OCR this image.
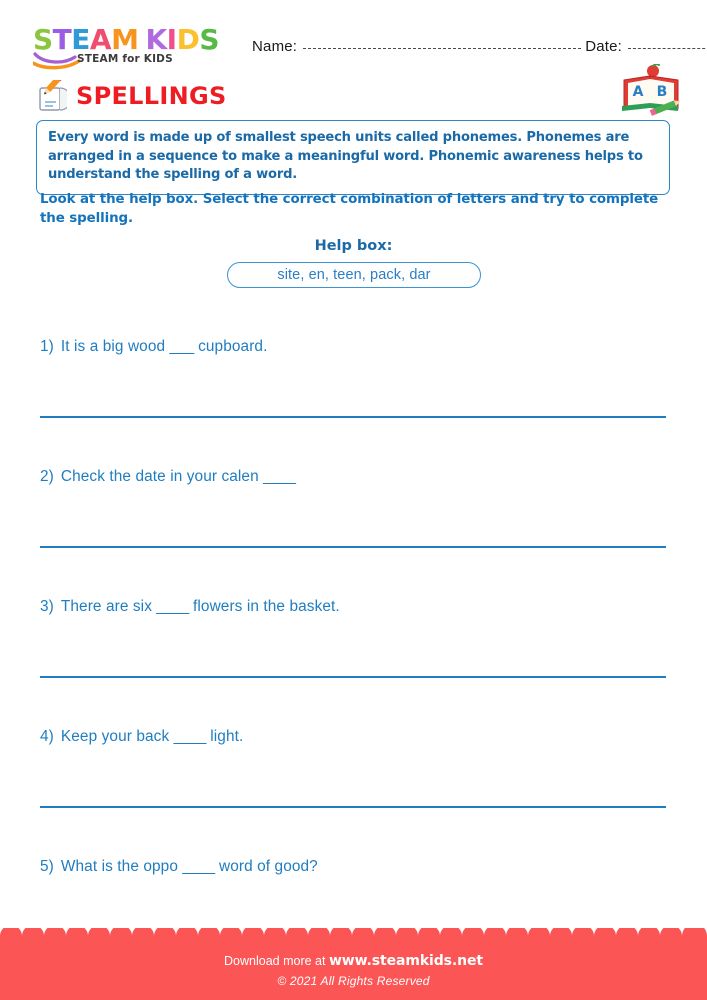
STEAM KIDS
STEAM for KIDS
Name:	Date:
SPELLINGS	A B
Every word is made up of smallest speech units called phonemes. Phonemes are arranged in a sequence to make a meaningful word. Phonemic awareness helps to understand the spelling of a word.
Look at the help box. Select the correct combination of letters and try to complete the spelling.
Help box:
site, en, teen, pack, dar
1) It is a big wood ___ cupboard.
2) Check the date in your calen ____
3) There are six ____ flowers in the basket.
4) Keep your back ____ light.
5) What is the oppo ____ word of good?
Download more at www.steamkids.net
© 2021 All Rights Reserved
